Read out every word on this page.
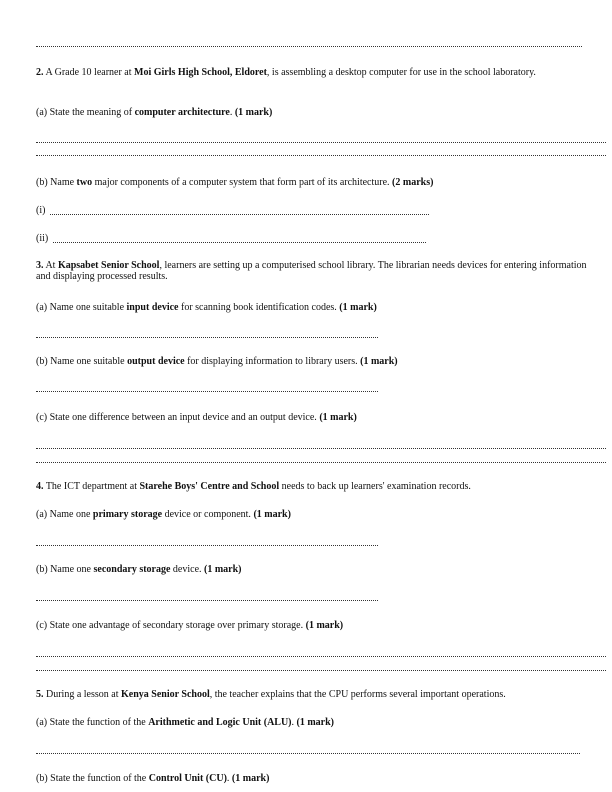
2. A Grade 10 learner at Moi Girls High School, Eldoret, is assembling a desktop computer for use in the school laboratory.
(a) State the meaning of computer architecture. (1 mark)
(b) Name two major components of a computer system that form part of its architecture. (2 marks)
(i)
(ii)
3. At Kapsabet Senior School, learners are setting up a computerised school library. The librarian needs devices for entering information and displaying processed results.
(a) Name one suitable input device for scanning book identification codes. (1 mark)
(b) Name one suitable output device for displaying information to library users. (1 mark)
(c) State one difference between an input device and an output device. (1 mark)
4. The ICT department at Starehe Boys' Centre and School needs to back up learners' examination records.
(a) Name one primary storage device or component. (1 mark)
(b) Name one secondary storage device. (1 mark)
(c) State one advantage of secondary storage over primary storage. (1 mark)
5. During a lesson at Kenya Senior School, the teacher explains that the CPU performs several important operations.
(a) State the function of the Arithmetic and Logic Unit (ALU). (1 mark)
(b) State the function of the Control Unit (CU). (1 mark)
